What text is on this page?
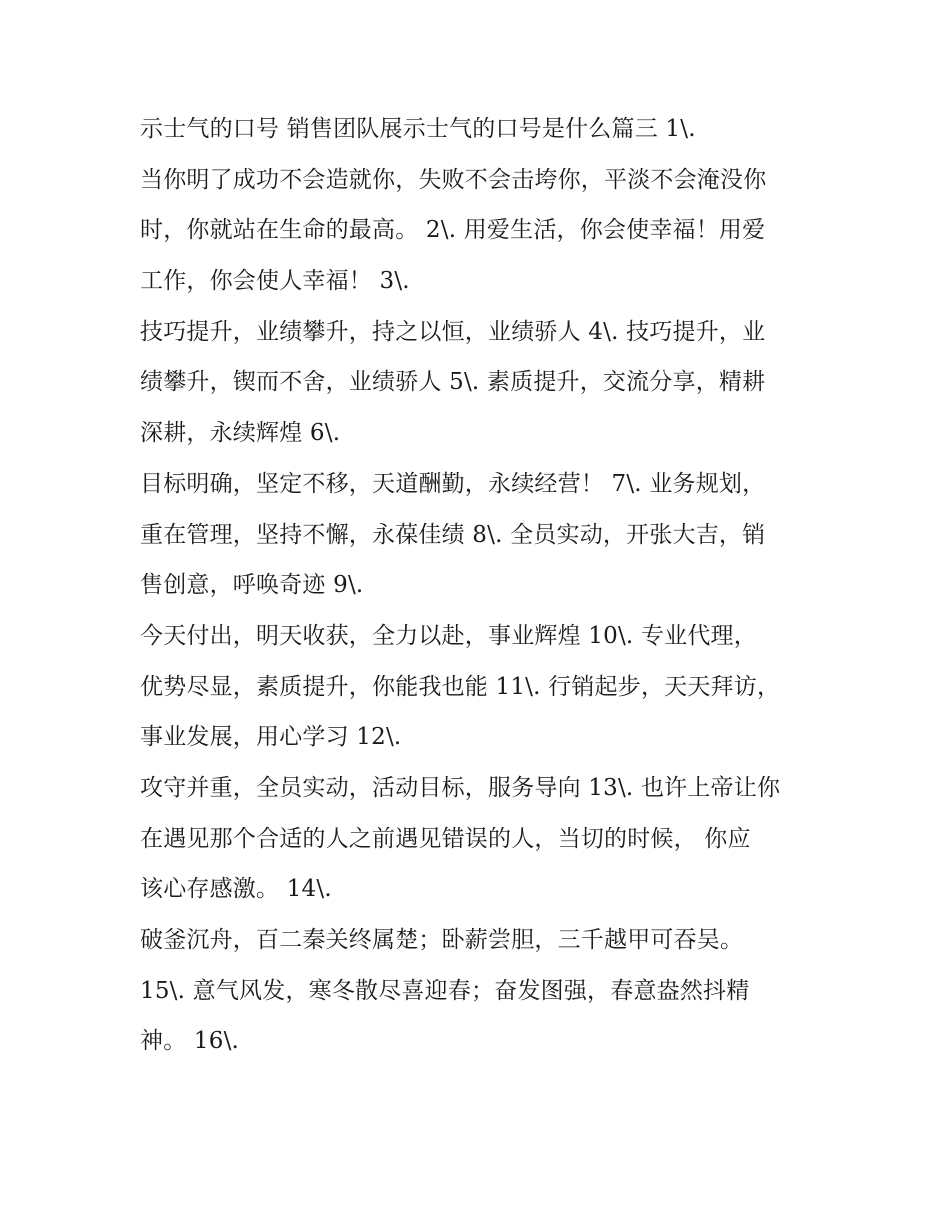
示士气的口号 销售团队展示士气的口号是什么篇三 1\.
当你明了成功不会造就你，失败不会击垮你，平淡不会淹没你
时，你就站在生命的最高。 2\. 用爱生活，你会使幸福！用爱
工作，你会使人幸福！ 3\.
技巧提升，业绩攀升，持之以恒，业绩骄人 4\. 技巧提升，业
绩攀升，锲而不舍，业绩骄人 5\. 素质提升，交流分享，精耕
深耕，永续辉煌 6\.
目标明确，坚定不移，天道酬勤，永续经营！ 7\. 业务规划，
重在管理，坚持不懈，永葆佳绩 8\. 全员实动，开张大吉，销
售创意，呼唤奇迹 9\.
今天付出，明天收获，全力以赴，事业辉煌 10\. 专业代理，
优势尽显，素质提升，你能我也能 11\. 行销起步，天天拜访，
事业发展，用心学习 12\.
攻守并重，全员实动，活动目标，服务导向 13\. 也许上帝让你
在遇见那个合适的人之前遇见错误的人，当切的时候， 你应
该心存感激。 14\.
破釜沉舟，百二秦关终属楚；卧薪尝胆，三千越甲可吞吴。
15\. 意气风发，寒冬散尽喜迎春；奋发图强，春意盎然抖精
神。 16\.
